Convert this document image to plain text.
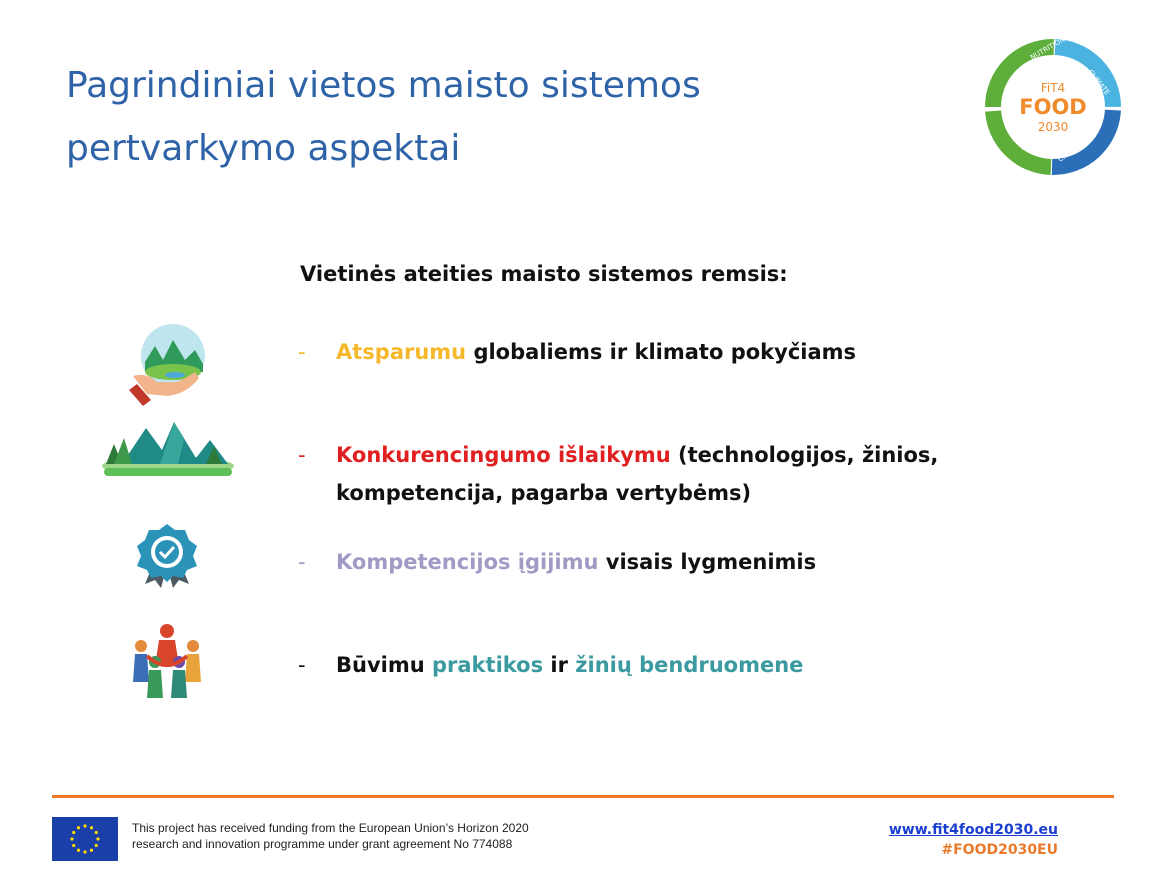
Pagrindiniai vietos maisto sistemos
pertvarkymo aspektai
FiT4
FOOD
2030
NUTRITION
CLIMATE
CIRCULARITY
INNOVATION
Vietinės ateities maisto sistemos remsis:
- Atsparumu globaliems ir klimato pokyčiams
- Konkurencingumo išlaikymu (technologijos, žinios,
kompetencija, pagarba vertybėms)
- Kompetencijos įgijimu visais lygmenimis
- Būvimu praktikos ir žinių bendruomene
This project has received funding from the European Union’s Horizon 2020
research and innovation programme under grant agreement No 774088
www.fit4food2030.eu
#FOOD2030EU
